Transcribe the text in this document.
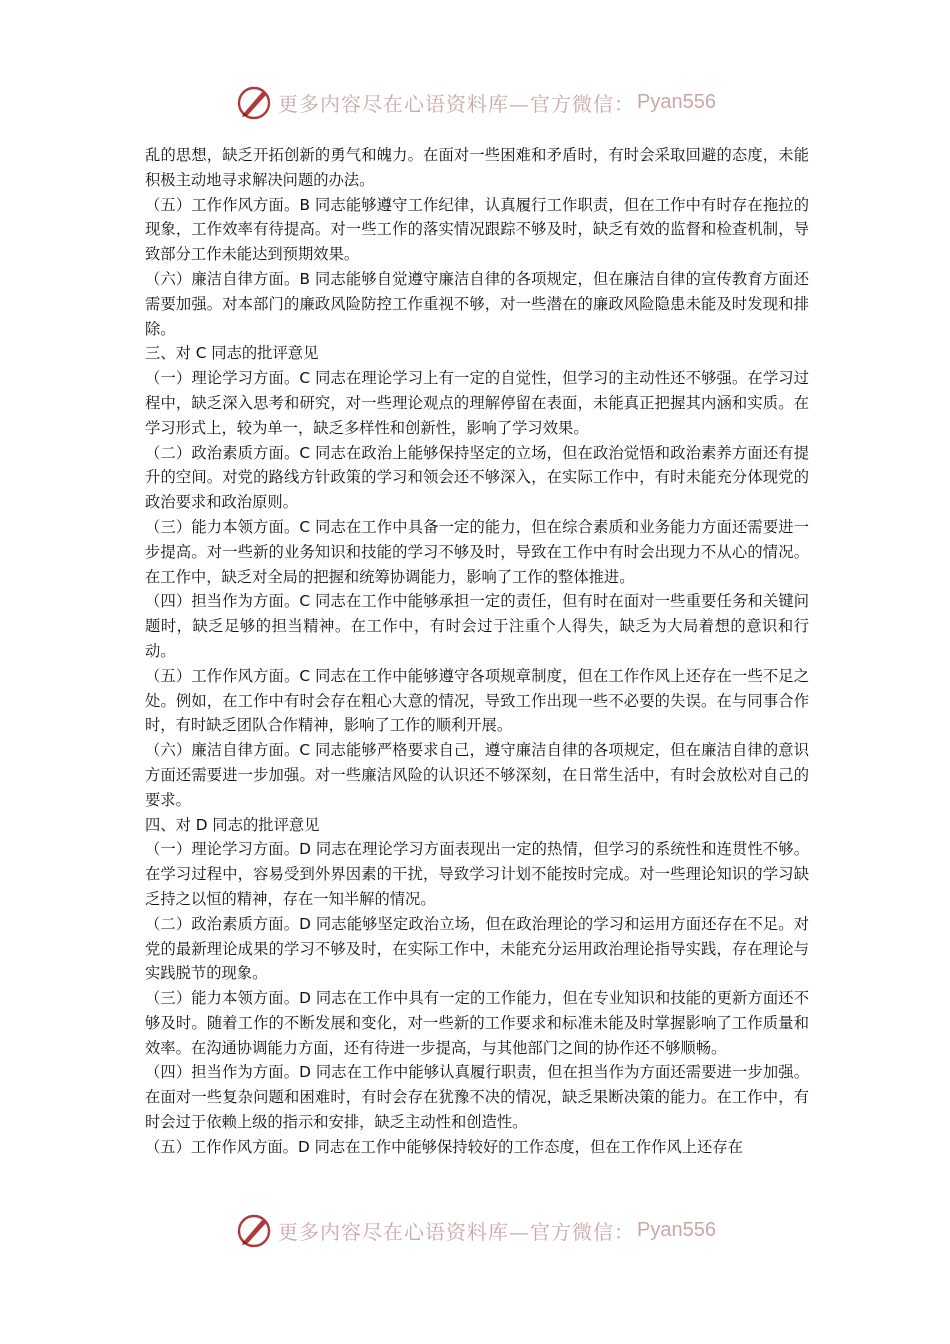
更多内容尽在心语资料库—官方微信： Pyan556

乱的思想，缺乏开拓创新的勇气和魄力。在面对一些困难和矛盾时，有时会采取回避的态度，未能积极主动地寻求解决问题的办法。

（五）工作作风方面。B 同志能够遵守工作纪律，认真履行工作职责，但在工作中有时存在拖拉的现象，工作效率有待提高。对一些工作的落实情况跟踪不够及时，缺乏有效的监督和检查机制，导致部分工作未能达到预期效果。

（六）廉洁自律方面。B 同志能够自觉遵守廉洁自律的各项规定，但在廉洁自律的宣传教育方面还需要加强。对本部门的廉政风险防控工作重视不够，对一些潜在的廉政风险隐患未能及时发现和排除。

三、对 C 同志的批评意见

（一）理论学习方面。C 同志在理论学习上有一定的自觉性，但学习的主动性还不够强。在学习过程中，缺乏深入思考和研究，对一些理论观点的理解停留在表面，未能真正把握其内涵和实质。在学习形式上，较为单一，缺乏多样性和创新性，影响了学习效果。

（二）政治素质方面。C 同志在政治上能够保持坚定的立场，但在政治觉悟和政治素养方面还有提升的空间。对党的路线方针政策的学习和领会还不够深入，在实际工作中，有时未能充分体现党的政治要求和政治原则。

（三）能力本领方面。C 同志在工作中具备一定的能力，但在综合素质和业务能力方面还需要进一步提高。对一些新的业务知识和技能的学习不够及时，导致在工作中有时会出现力不从心的情况。在工作中，缺乏对全局的把握和统筹协调能力，影响了工作的整体推进。

（四）担当作为方面。C 同志在工作中能够承担一定的责任，但有时在面对一些重要任务和关键问题时，缺乏足够的担当精神。在工作中，有时会过于注重个人得失，缺乏为大局着想的意识和行动。

（五）工作作风方面。C 同志在工作中能够遵守各项规章制度，但在工作作风上还存在一些不足之处。例如，在工作中有时会存在粗心大意的情况，导致工作出现一些不必要的失误。在与同事合作时，有时缺乏团队合作精神，影响了工作的顺利开展。

（六）廉洁自律方面。C 同志能够严格要求自己，遵守廉洁自律的各项规定，但在廉洁自律的意识方面还需要进一步加强。对一些廉洁风险的认识还不够深刻，在日常生活中，有时会放松对自己的要求。

四、对 D 同志的批评意见

（一）理论学习方面。D 同志在理论学习方面表现出一定的热情，但学习的系统性和连贯性不够。在学习过程中，容易受到外界因素的干扰，导致学习计划不能按时完成。对一些理论知识的学习缺乏持之以恒的精神，存在一知半解的情况。

（二）政治素质方面。D 同志能够坚定政治立场，但在政治理论的学习和运用方面还存在不足。对党的最新理论成果的学习不够及时，在实际工作中，未能充分运用政治理论指导实践，存在理论与实践脱节的现象。

（三）能力本领方面。D 同志在工作中具有一定的工作能力，但在专业知识和技能的更新方面还不够及时。随着工作的不断发展和变化，对一些新的工作要求和标准未能及时掌握影响了工作质量和效率。在沟通协调能力方面，还有待进一步提高，与其他部门之间的协作还不够顺畅。

（四）担当作为方面。D 同志在工作中能够认真履行职责，但在担当作为方面还需要进一步加强。在面对一些复杂问题和困难时，有时会存在犹豫不决的情况，缺乏果断决策的能力。在工作中，有时会过于依赖上级的指示和安排，缺乏主动性和创造性。

（五）工作作风方面。D 同志在工作中能够保持较好的工作态度，但在工作作风上还存在

更多内容尽在心语资料库—官方微信： Pyan556
